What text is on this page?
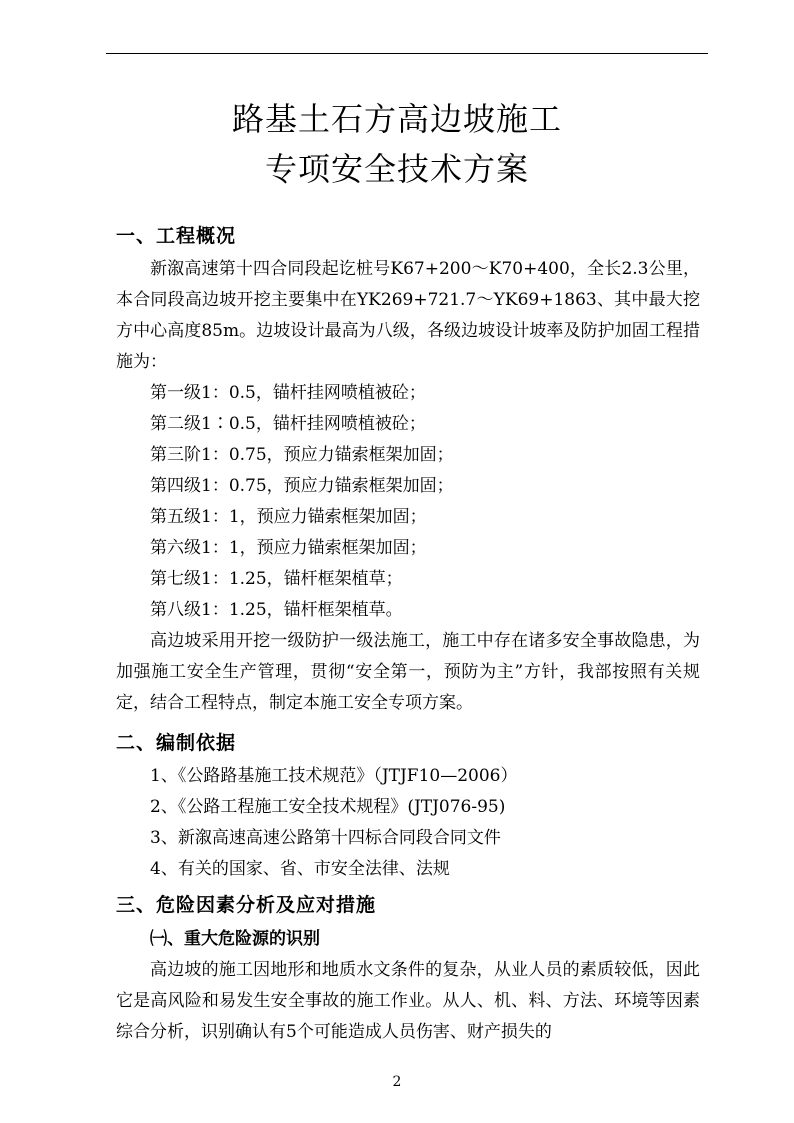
路基土石方高边坡施工
专项安全技术方案
一、工程概况

新溆高速第十四合同段起讫桩号K67+200～K70+400，全长2.3公里，本合同段高边坡开挖主要集中在YK269+721.7～YK69+1863、其中最大挖方中心高度85m。边坡设计最高为八级，各级边坡设计坡率及防护加固工程措施为：

第一级1：0.5，锚杆挂网喷植被砼；
第二级1∶0.5，锚杆挂网喷植被砼；
第三阶1：0.75，预应力锚索框架加固；
第四级1：0.75，预应力锚索框架加固；
第五级1：1，预应力锚索框架加固；
第六级1：1，预应力锚索框架加固；
第七级1：1.25，锚杆框架植草；
第八级1：1.25，锚杆框架植草。

高边坡采用开挖一级防护一级法施工，施工中存在诸多安全事故隐患，为加强施工安全生产管理，贯彻“安全第一，预防为主”方针，我部按照有关规定，结合工程特点，制定本施工安全专项方案。

二、编制依据
1、《公路路基施工技术规范》（JTJF10—2006）
2、《公路工程施工安全技术规程》(JTJ076-95)
3、新溆高速高速公路第十四标合同段合同文件
4、有关的国家、省、市安全法律、法规
三、危险因素分析及应对措施
㈠、重大危险源的识别

高边坡的施工因地形和地质水文条件的复杂，从业人员的素质较低，因此它是高风险和易发生安全事故的施工作业。从人、机、料、方法、环境等因素综合分析，识别确认有5个可能造成人员伤害、财产损失的

2
